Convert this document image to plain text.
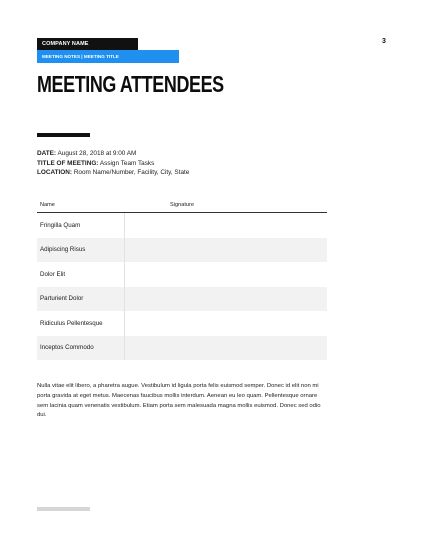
COMPANY NAME
MEETING NOTES | MEETING TITLE
3
MEETING ATTENDEES
DATE: August 28, 2018 at 9:00 AM
TITLE OF MEETING: Assign Team Tasks
LOCATION: Room Name/Number, Facility, City, State
Name	Signature
Fringilla Quam
Adipiscing Risus
Dolor Elit
Parturient Dolor
Ridiculus Pellentesque
Inceptos Commodo

Nulla vitae elit libero, a pharetra augue. Vestibulum id ligula porta felis euismod semper. Donec id elit non mi porta gravida at eget metus. Maecenas faucibus mollis interdum. Aenean eu leo quam. Pellentesque ornare sem lacinia quam venenatis vestibulum. Etiam porta sem malesuada magna mollis euismod. Donec sed odio dui.
